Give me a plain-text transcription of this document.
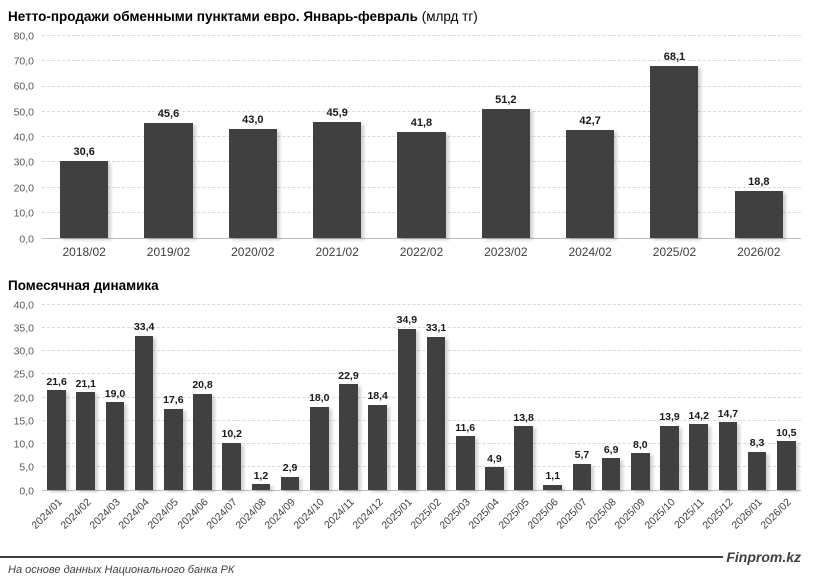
Нетто-продажи обменными пунктами евро. Январь-февраль (млрд тг)
0,0
10,0
20,0
30,0
40,0
50,0
60,0
70,0
80,0
30,6
45,6
43,0
45,9
41,8
51,2
42,7
68,1
18,8
2018/02	2019/02	2020/02	2021/02	2022/02	2023/02	2024/02	2025/02	2026/02
Помесячная динамика
0,0
5,0
10,0
15,0
20,0
25,0
30,0
35,0
40,0
21,6 21,1
19,0
33,4
17,6
20,8
10,2
1,2
2,9
18,0
22,9
18,4
34,9
33,1
11,6
4,9
13,8
1,1
5,7 6,9 8,0
13,9 14,2 14,7
8,3
10,5
2024/01
2024/02
2024/03
2024/04
2024/05
2024/06
2024/07
2024/08
2024/09
2024/10
2024/11
2024/12
2025/01
2025/02
2025/03
2025/04
2025/05
2025/06
2025/07
2025/08
2025/09
2025/10
2025/11
2025/12
2026/01
2026/02
Finprom.kz
На основе данных Национального банка РК
